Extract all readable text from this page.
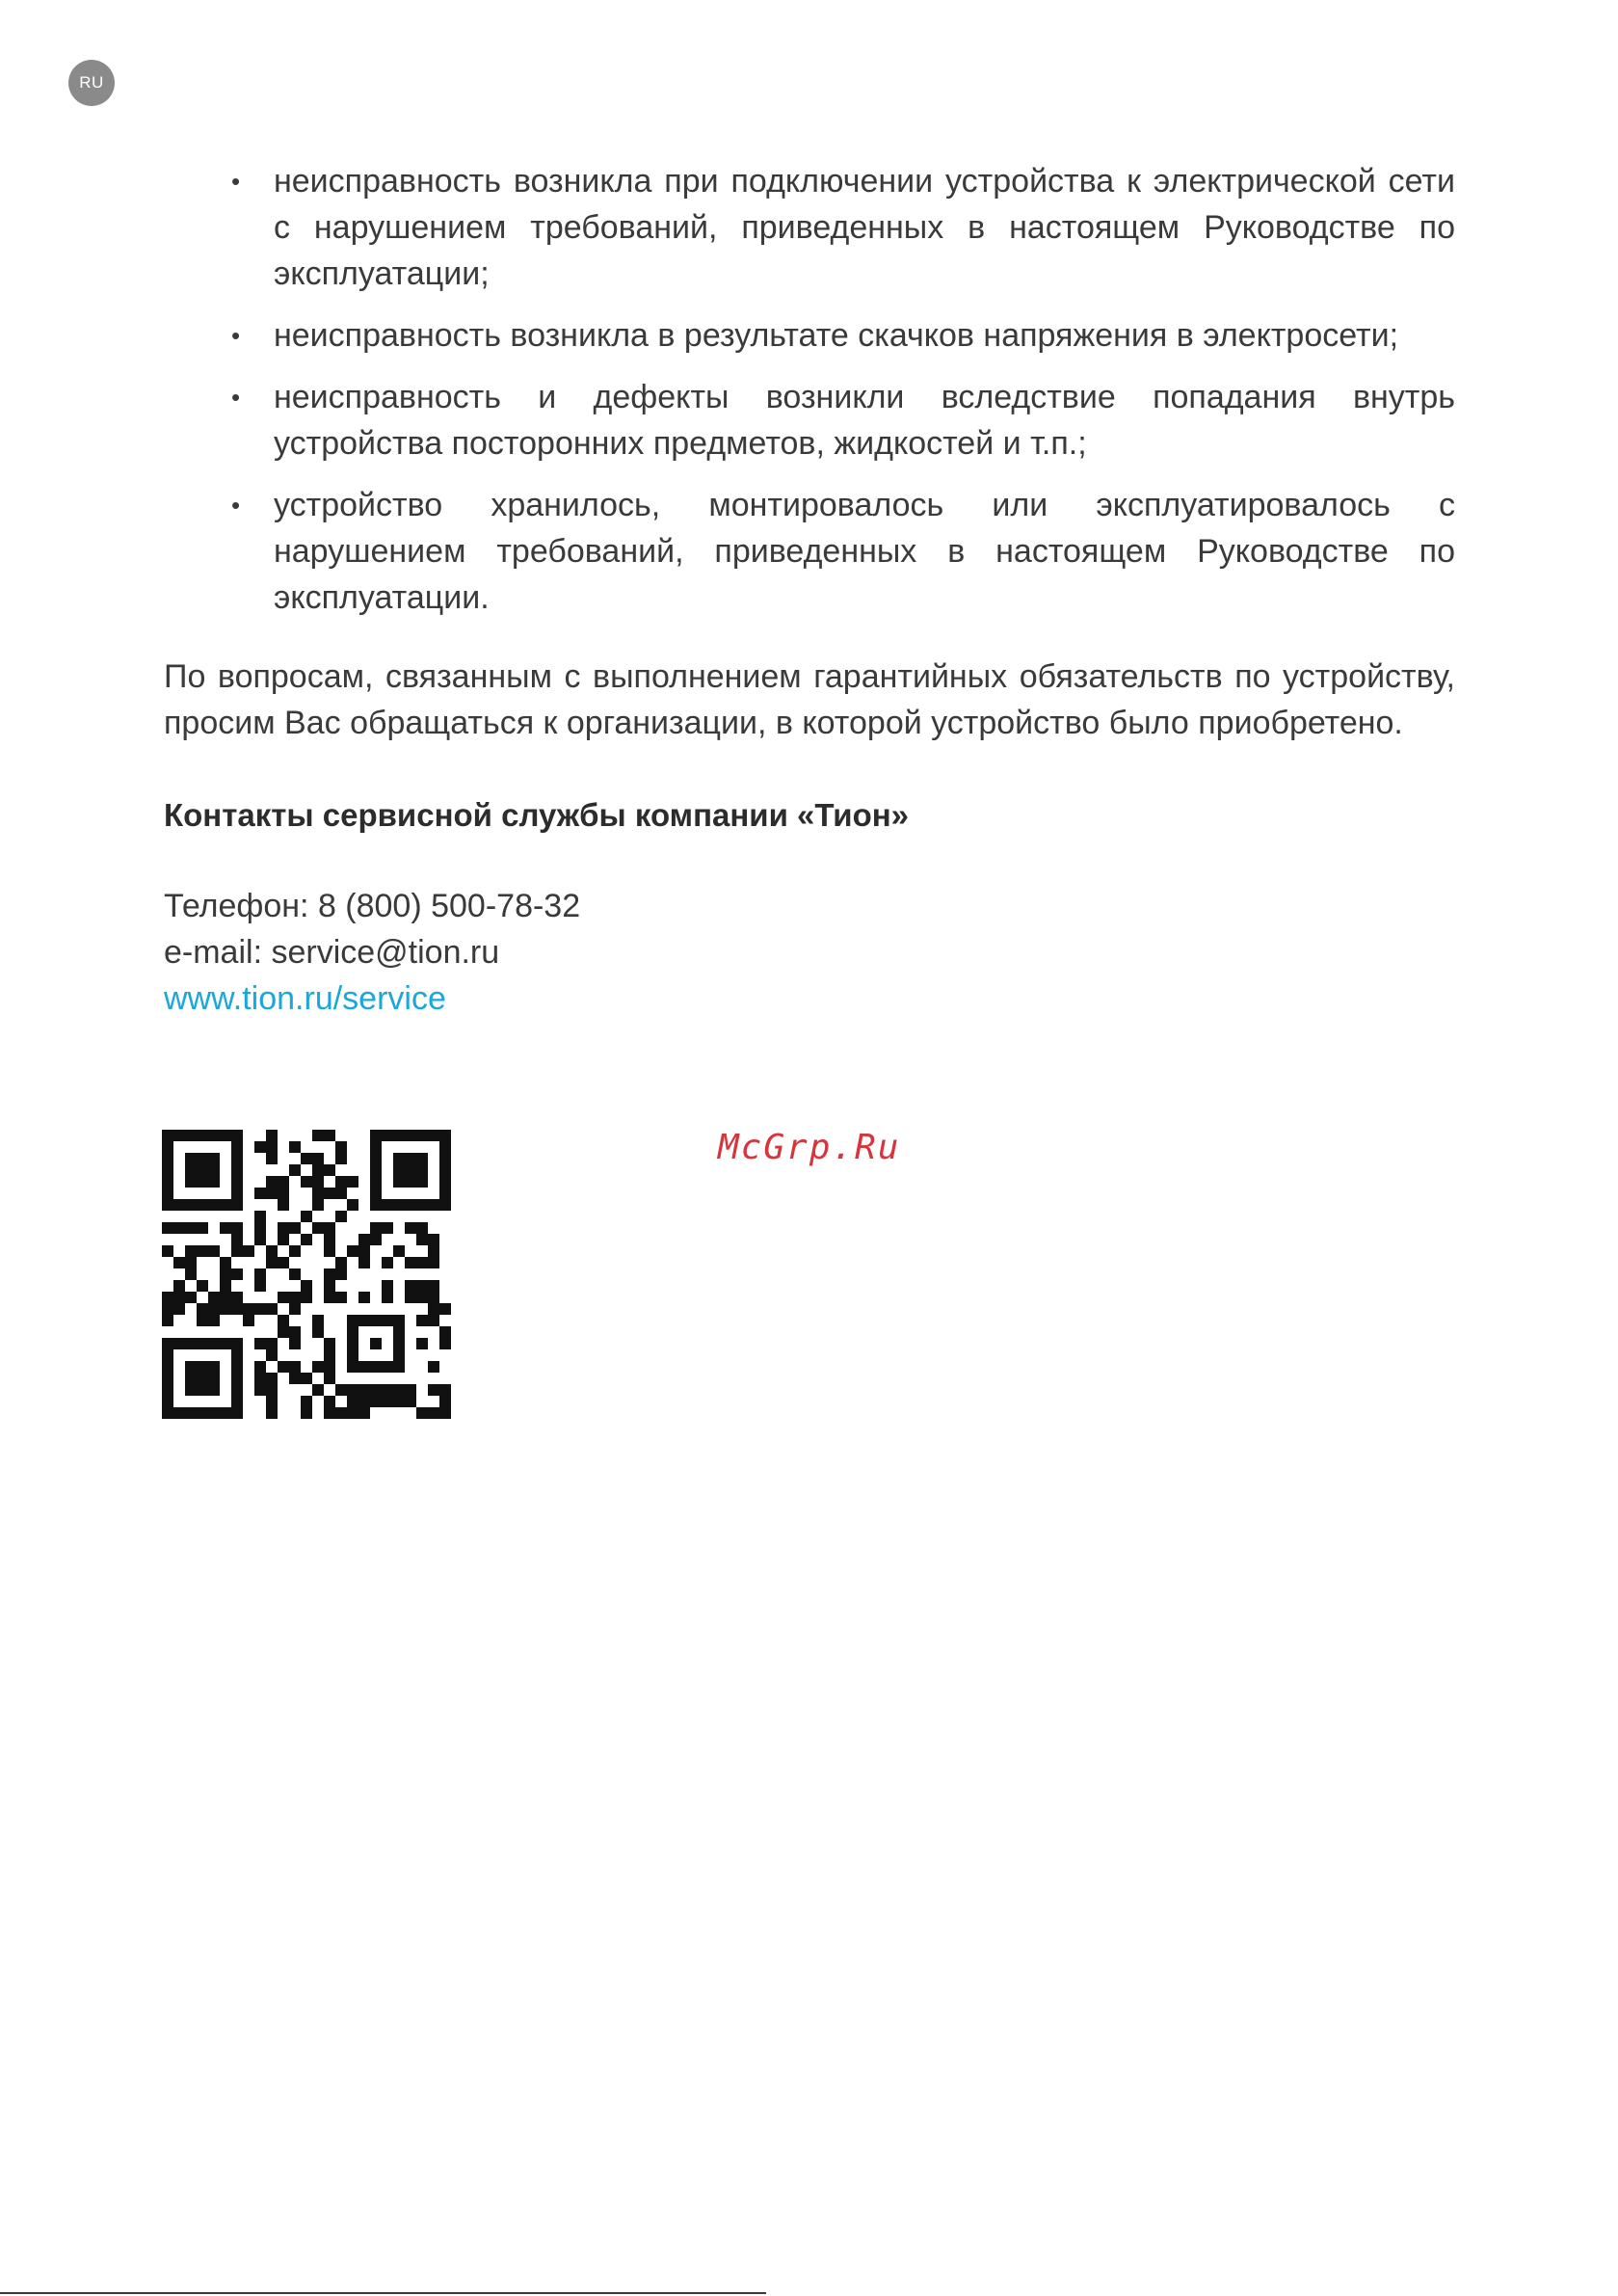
RU
• неисправность возникла при подключении устройства к электрической сети с нарушением требований, приведенных в настоящем Руководстве по эксплуатации;
• неисправность возникла в результате скачков напряжения в электросети;
• неисправность и дефекты возникли вследствие попадания внутрь устройства посторонних предметов, жидкостей и т.п.;
• устройство хранилось, монтировалось или эксплуатировалось с нарушением требований, приведенных в настоящем Руководстве по эксплуатации.

По вопросам, связанным с выполнением гарантийных обязательств по устройству, просим Вас обращаться к организации, в которой устройство было приобретено.

Контакты сервисной службы компании «Тион»
Телефон: 8 (800) 500-78-32
e-mail: service@tion.ru
www.tion.ru/service
McGrp.Ru
